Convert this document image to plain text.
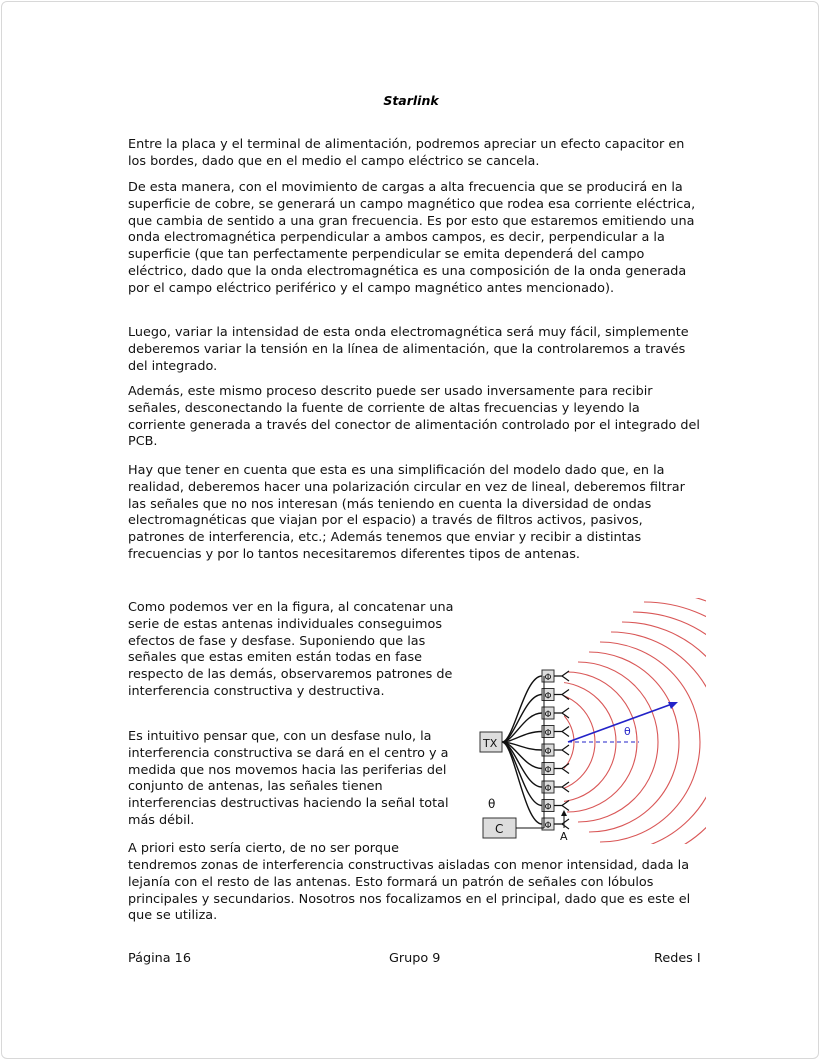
Starlink

Entre la placa y el terminal de alimentación, podremos apreciar un efecto capacitor en los bordes, dado que en el medio el campo eléctrico se cancela.

De esta manera, con el movimiento de cargas a alta frecuencia que se producirá en la superficie de cobre, se generará un campo magnético que rodea esa corriente eléctrica, que cambia de sentido a una gran frecuencia. Es por esto que estaremos emitiendo una onda electromagnética perpendicular a ambos campos, es decir, perpendicular a la superficie (que tan perfectamente perpendicular se emita dependerá del campo eléctrico, dado que la onda electromagnética es una composición de la onda generada por el campo eléctrico periférico y el campo magnético antes mencionado).

Luego, variar la intensidad de esta onda electromagnética será muy fácil, simplemente deberemos variar la tensión en la línea de alimentación, que la controlaremos a través del integrado.

Además, este mismo proceso descrito puede ser usado inversamente para recibir señales, desconectando la fuente de corriente de altas frecuencias y leyendo la corriente generada a través del conector de alimentación controlado por el integrado del PCB.

Hay que tener en cuenta que esta es una simplificación del modelo dado que, en la realidad, deberemos hacer una polarización circular en vez de lineal, deberemos filtrar las señales que no nos interesan (más teniendo en cuenta la diversidad de ondas electromagnéticas que viajan por el espacio) a través de filtros activos, pasivos, patrones de interferencia, etc.; Además tenemos que enviar y recibir a distintas frecuencias y por lo tantos necesitaremos diferentes tipos de antenas.

Como podemos ver en la figura, al concatenar una serie de estas antenas individuales conseguimos efectos de fase y desfase. Suponiendo que las señales que estas emiten están todas en fase respecto de las demás, observaremos patrones de interferencia constructiva y destructiva.

Es intuitivo pensar que, con un desfase nulo, la interferencia constructiva se dará en el centro y a medida que nos movemos hacia las periferias del conjunto de antenas, las señales tienen interferencias destructivas haciendo la señal total más débil.

A priori esto sería cierto, de no ser porque

tendremos zonas de interferencia constructivas aisladas con menor intensidad, dada la lejanía con el resto de las antenas. Esto formará un patrón de señales con lóbulos principales y secundarios. Nosotros nos focalizamos en el principal, dado que es este el que se utiliza.

Φ
Φ
Φ
Φ
Φ
Φ
Φ
Φ
Φ
θ
TX
C
θ
A
Página 16	Grupo 9	Redes I
